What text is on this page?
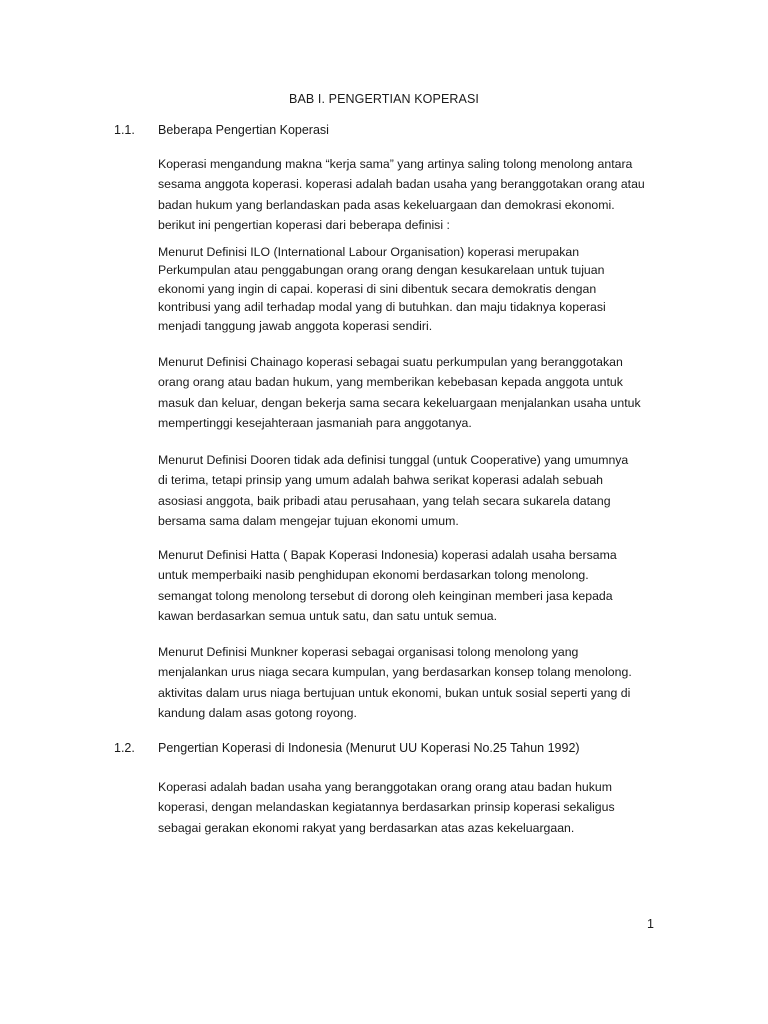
BAB I. PENGERTIAN KOPERASI
1.1. Beberapa Pengertian Koperasi
Koperasi mengandung makna “kerja sama” yang artinya saling tolong menolong antara
sesama anggota koperasi. koperasi adalah badan usaha yang beranggotakan orang atau
badan hukum yang berlandaskan pada asas kekeluargaan dan demokrasi ekonomi.
berikut ini pengertian koperasi dari beberapa definisi :
Menurut Definisi ILO (International Labour Organisation) koperasi merupakan
Perkumpulan atau penggabungan orang orang dengan kesukarelaan untuk tujuan
ekonomi yang ingin di capai. koperasi di sini dibentuk secara demokratis dengan
kontribusi yang adil terhadap modal yang di butuhkan. dan maju tidaknya koperasi
menjadi tanggung jawab anggota koperasi sendiri.
Menurut Definisi Chainago koperasi sebagai suatu perkumpulan yang beranggotakan
orang orang atau badan hukum, yang memberikan kebebasan kepada anggota untuk
masuk dan keluar, dengan bekerja sama secara kekeluargaan menjalankan usaha untuk
mempertinggi kesejahteraan jasmaniah para anggotanya.
Menurut Definisi Dooren tidak ada definisi tunggal (untuk Cooperative) yang umumnya
di terima, tetapi prinsip yang umum adalah bahwa serikat koperasi adalah sebuah
asosiasi anggota, baik pribadi atau perusahaan, yang telah secara sukarela datang
bersama sama dalam mengejar tujuan ekonomi umum.
Menurut Definisi Hatta ( Bapak Koperasi Indonesia) koperasi adalah usaha bersama
untuk memperbaiki nasib penghidupan ekonomi berdasarkan tolong menolong.
semangat tolong menolong tersebut di dorong oleh keinginan memberi jasa kepada
kawan berdasarkan semua untuk satu, dan satu untuk semua.
Menurut Definisi Munkner koperasi sebagai organisasi tolong menolong yang
menjalankan urus niaga secara kumpulan, yang berdasarkan konsep tolang menolong.
aktivitas dalam urus niaga bertujuan untuk ekonomi, bukan untuk sosial seperti yang di
kandung dalam asas gotong royong.
1.2. Pengertian Koperasi di Indonesia (Menurut UU Koperasi No.25 Tahun 1992)
Koperasi adalah badan usaha yang beranggotakan orang orang atau badan hukum
koperasi, dengan melandaskan kegiatannya berdasarkan prinsip koperasi sekaligus
sebagai gerakan ekonomi rakyat yang berdasarkan atas azas kekeluargaan.
1
